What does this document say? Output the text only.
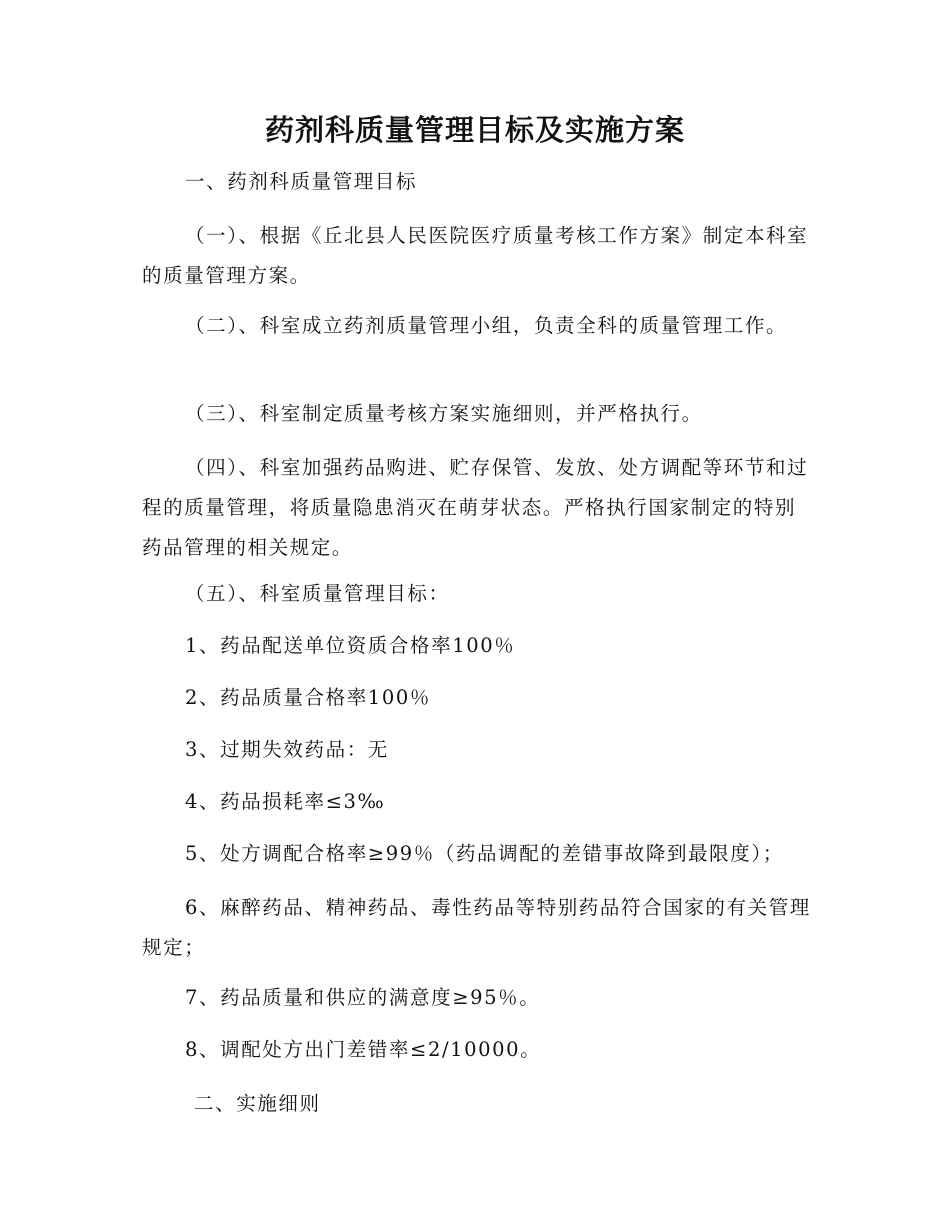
药剂科质量管理目标及实施方案
一、药剂科质量管理目标
（一）、根据《丘北县人民医院医疗质量考核工作方案》制定本科室的质量管理方案。
（二）、科室成立药剂质量管理小组，负责全科的质量管理工作。
（三）、科室制定质量考核方案实施细则，并严格执行。
（四）、科室加强药品购进、贮存保管、发放、处方调配等环节和过程的质量管理，将质量隐患消灭在萌芽状态。严格执行国家制定的特别药品管理的相关规定。
（五）、科室质量管理目标：
1、药品配送单位资质合格率100％
2、药品质量合格率100％
3、过期失效药品：无
4、药品损耗率≤3‰
5、处方调配合格率≥99％（药品调配的差错事故降到最限度）；
6、麻醉药品、精神药品、毒性药品等特别药品符合国家的有关管理规定；
7、药品质量和供应的满意度≥95％。
8、调配处方出门差错率≤2/10000。
二、实施细则
